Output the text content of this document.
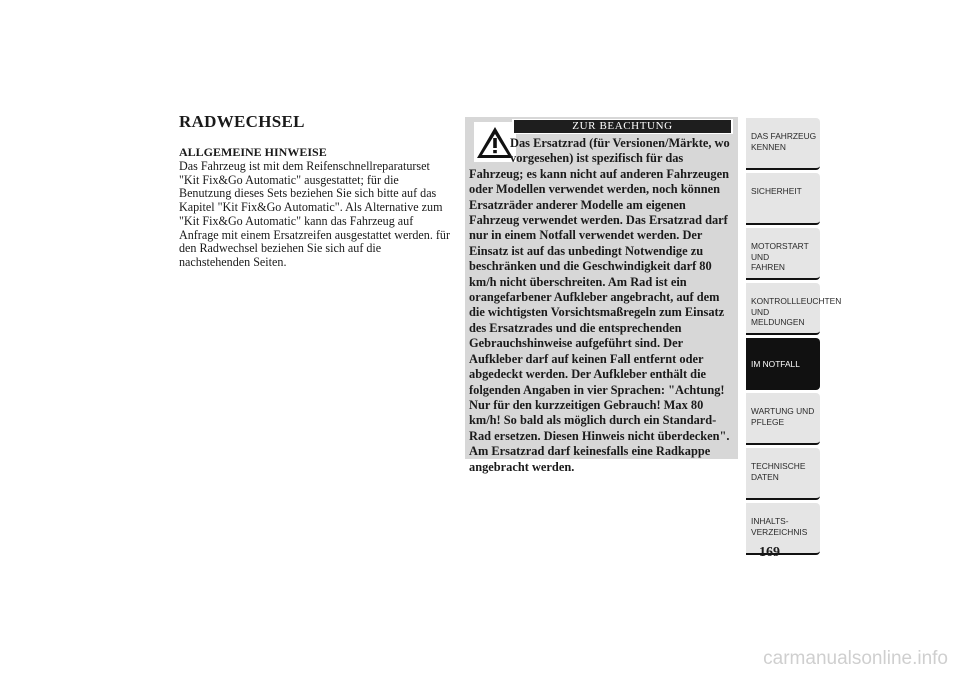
RADWECHSEL
ALLGEMEINE HINWEISE

Das Fahrzeug ist mit dem Reifenschnellreparaturset "Kit Fix&Go Automatic" ausgestattet; für die Benutzung dieses Sets beziehen Sie sich bitte auf das Kapitel "Kit Fix&Go Automatic". Als Alternative zum "Kit Fix&Go Automatic" kann das Fahrzeug auf Anfrage mit einem Ersatzreifen ausgestattet werden. für den Radwechsel beziehen Sie sich auf die nachstehenden Seiten.

ZUR BEACHTUNG
Das Ersatzrad (für Versionen/Märkte, wo vorgesehen) ist spezifisch für das Fahrzeug; es kann nicht auf anderen Fahrzeugen oder Modellen verwendet werden, noch können Ersatzräder anderer Modelle am eigenen Fahrzeug verwendet werden. Das Ersatzrad darf nur in einem Notfall verwendet werden. Der Einsatz ist auf das unbedingt Notwendige zu beschränken und die Geschwindigkeit darf 80 km/h nicht überschreiten. Am Rad ist ein orangefarbener Aufkleber angebracht, auf dem die wichtigsten Vorsichtsmaßregeln zum Einsatz des Ersatzrades und die entsprechenden Gebrauchshinweise aufgeführt sind. Der Aufkleber darf auf keinen Fall entfernt oder abgedeckt werden. Der Aufkleber enthält die folgenden Angaben in vier Sprachen: "Achtung! Nur für den kurzzeitigen Gebrauch! Max 80 km/h! So bald als möglich durch ein Standard-Rad ersetzen. Diesen Hinweis nicht überdecken". Am Ersatzrad darf keinesfalls eine Radkappe angebracht werden.
DAS FAHRZEUG
KENNEN
SICHERHEIT
MOTORSTART UND
FAHREN
KONTROLLLEUCHTEN
UND MELDUNGEN
IM NOTFALL
WARTUNG UND
PFLEGE
TECHNISCHE
DATEN
INHALTS-
VERZEICHNIS

169

carmanualsonline.info
